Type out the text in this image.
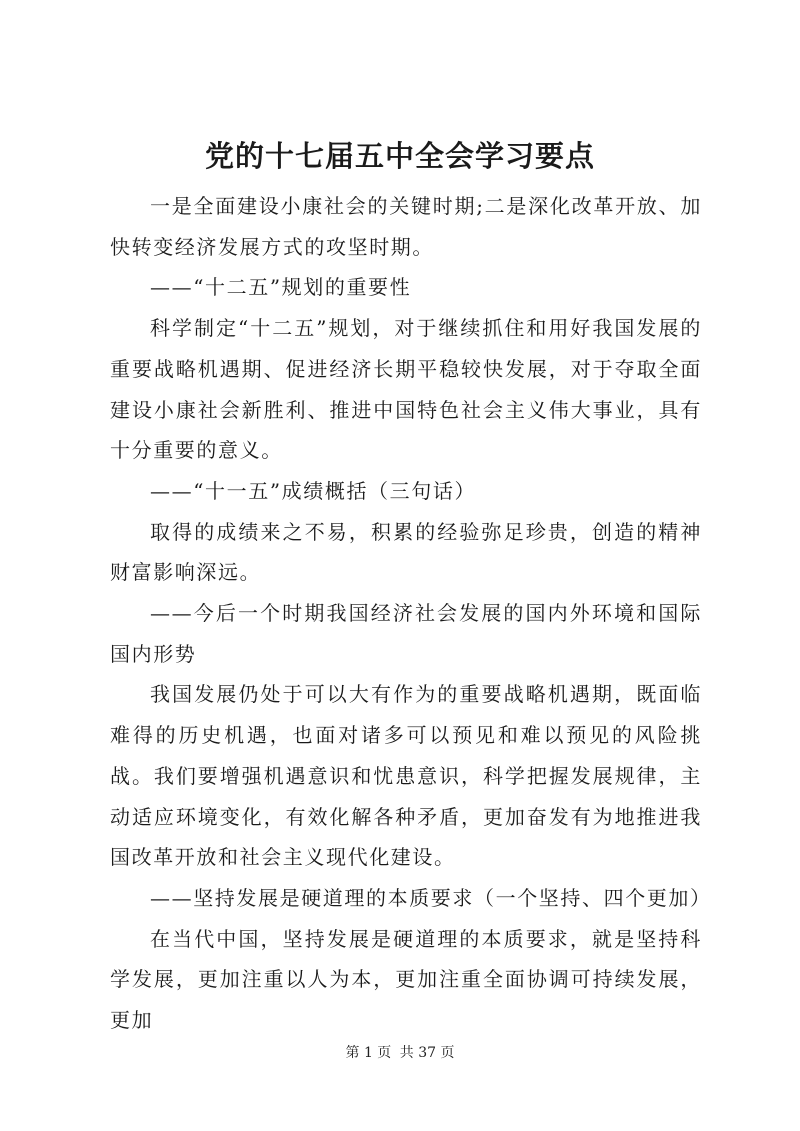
党的十七届五中全会学习要点

一是全面建设小康社会的关键时期;二是深化改革开放、加快转变经济发展方式的攻坚时期。

——“十二五”规划的重要性

科学制定“十二五”规划，对于继续抓住和用好我国发展的重要战略机遇期、促进经济长期平稳较快发展，对于夺取全面建设小康社会新胜利、推进中国特色社会主义伟大事业，具有十分重要的意义。

——“十一五”成绩概括（三句话）

取得的成绩来之不易，积累的经验弥足珍贵，创造的精神财富影响深远。

——今后一个时期我国经济社会发展的国内外环境和国际国内形势

我国发展仍处于可以大有作为的重要战略机遇期，既面临难得的历史机遇，也面对诸多可以预见和难以预见的风险挑战。我们要增强机遇意识和忧患意识，科学把握发展规律，主动适应环境变化，有效化解各种矛盾，更加奋发有为地推进我国改革开放和社会主义现代化建设。

——坚持发展是硬道理的本质要求（一个坚持、四个更加）

在当代中国，坚持发展是硬道理的本质要求，就是坚持科学发展，更加注重以人为本，更加注重全面协调可持续发展，更加

第 1 页 共 37 页
